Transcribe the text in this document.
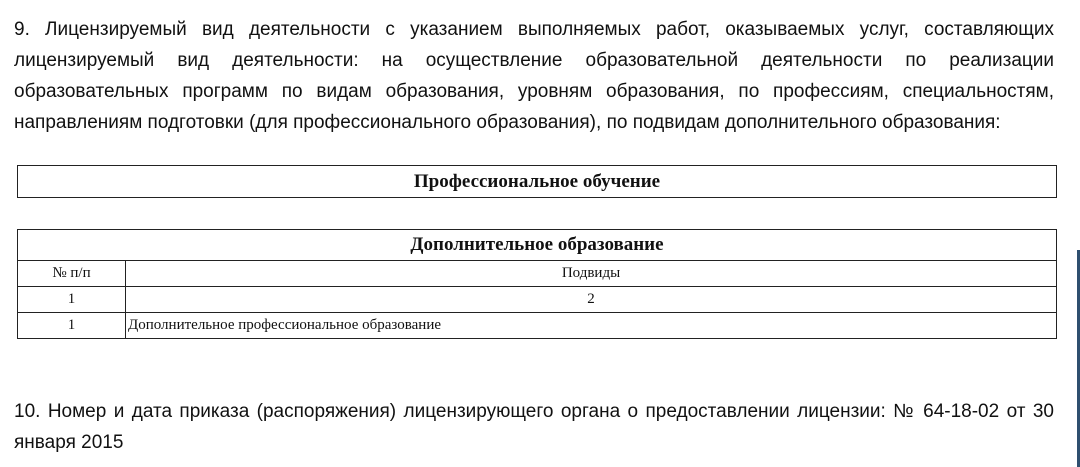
9. Лицензируемый вид деятельности с указанием выполняемых работ, оказываемых услуг, составляющих лицензируемый вид деятельности: на осуществление образовательной деятельности по реализации образовательных программ по видам образования, уровням образования, по профессиям, специальностям, направлениям подготовки (для профессионального образования), по подвидам дополнительного образования:

Профессиональное обучение
Дополнительное образование	
№ п/п	Подвиды
1	2
1	Дополнительное профессиональное образование

10. Номер и дата приказа (распоряжения) лицензирующего органа о предоставлении лицензии: № 64-18-02 от 30 января 2015
